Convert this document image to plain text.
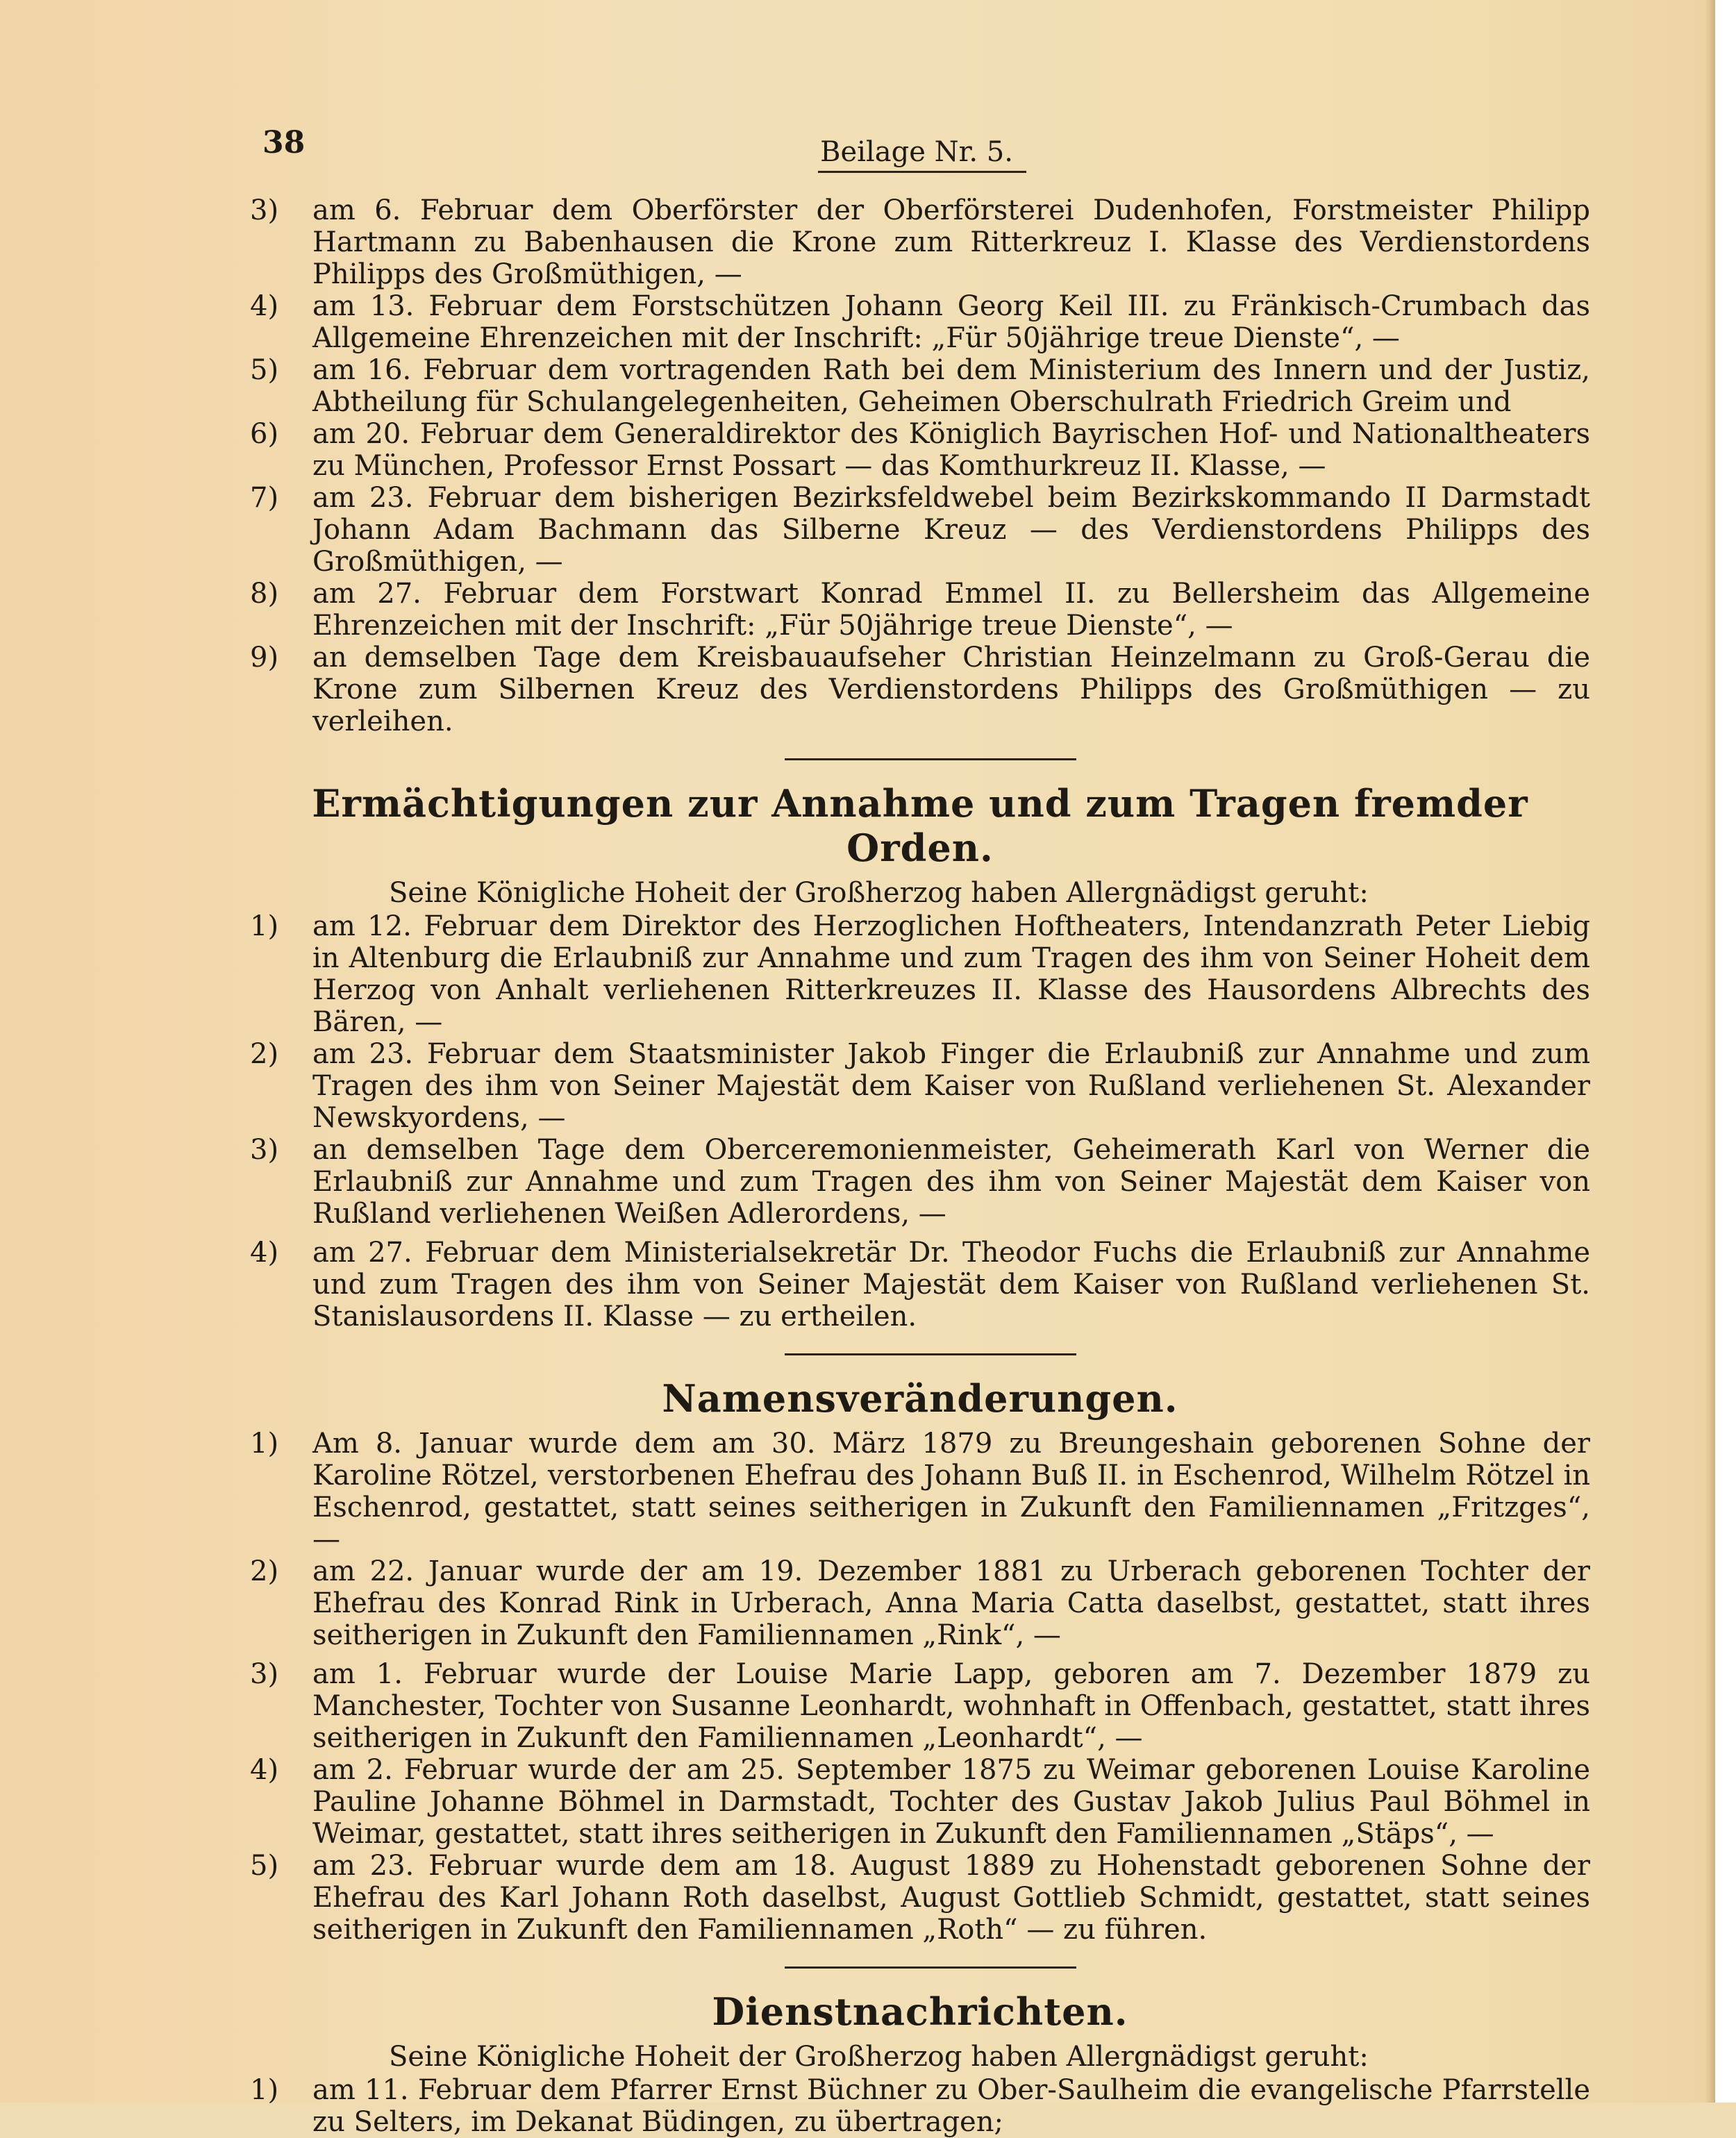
38	Beilage Nr. 5.
3) am 6. Februar dem Oberförster der Oberförsterei Dudenhofen, Forstmeister Philipp Hartmann zu Babenhausen die Krone zum Ritterkreuz I. Klasse des Verdienstordens Philipps des Großmüthigen, —

4) am 13. Februar dem Forstschützen Johann Georg Keil III. zu Fränkisch-Crumbach das Allgemeine Ehrenzeichen mit der Inschrift: „Für 50jährige treue Dienste“, —

5) am 16. Februar dem vortragenden Rath bei dem Ministerium des Innern und der Justiz, Abtheilung für Schulangelegenheiten, Geheimen Oberschulrath Friedrich Greim und

6) am 20. Februar dem Generaldirektor des Königlich Bayrischen Hof- und Nationaltheaters zu München, Professor Ernst Possart — das Komthurkreuz II. Klasse, —

7) am 23. Februar dem bisherigen Bezirksfeldwebel beim Bezirkskommando II Darmstadt Johann Adam Bachmann das Silberne Kreuz — des Verdienstordens Philipps des Großmüthigen, —

8) am 27. Februar dem Forstwart Konrad Emmel II. zu Bellersheim das Allgemeine Ehrenzeichen mit der Inschrift: „Für 50jährige treue Dienste“, —

9) an demselben Tage dem Kreisbauaufseher Christian Heinzelmann zu Groß-Gerau die Krone zum Silbernen Kreuz des Verdienstordens Philipps des Großmüthigen — zu verleihen.

Ermächtigungen zur Annahme und zum Tragen fremder Orden.

Seine Königliche Hoheit der Großherzog haben Allergnädigst geruht:

1) am 12. Februar dem Direktor des Herzoglichen Hoftheaters, Intendanzrath Peter Liebig in Altenburg die Erlaubniß zur Annahme und zum Tragen des ihm von Seiner Hoheit dem Herzog von Anhalt verliehenen Ritterkreuzes II. Klasse des Hausordens Albrechts des Bären, —

2) am 23. Februar dem Staatsminister Jakob Finger die Erlaubniß zur Annahme und zum Tragen des ihm von Seiner Majestät dem Kaiser von Rußland verliehenen St. Alexander Newskyordens, —

3) an demselben Tage dem Oberceremonienmeister, Geheimerath Karl von Werner die Erlaubniß zur Annahme und zum Tragen des ihm von Seiner Majestät dem Kaiser von Rußland verliehenen Weißen Adlerordens, —

4) am 27. Februar dem Ministerialsekretär Dr. Theodor Fuchs die Erlaubniß zur Annahme und zum Tragen des ihm von Seiner Majestät dem Kaiser von Rußland verliehenen St. Stanislausordens II. Klasse — zu ertheilen.

Namensveränderungen.
1) Am 8. Januar wurde dem am 30. März 1879 zu Breungeshain geborenen Sohne der Karoline Rötzel, verstorbenen Ehefrau des Johann Buß II. in Eschenrod, Wilhelm Rötzel in Eschenrod, gestattet, statt seines seitherigen in Zukunft den Familiennamen „Fritzges“, —

2) am 22. Januar wurde der am 19. Dezember 1881 zu Urberach geborenen Tochter der Ehefrau des Konrad Rink in Urberach, Anna Maria Catta daselbst, gestattet, statt ihres seitherigen in Zukunft den Familiennamen „Rink“, —

3) am 1. Februar wurde der Louise Marie Lapp, geboren am 7. Dezember 1879 zu Manchester, Tochter von Susanne Leonhardt, wohnhaft in Offenbach, gestattet, statt ihres seitherigen in Zukunft den Familiennamen „Leonhardt“, —

4) am 2. Februar wurde der am 25. September 1875 zu Weimar geborenen Louise Karoline Pauline Johanne Böhmel in Darmstadt, Tochter des Gustav Jakob Julius Paul Böhmel in Weimar, gestattet, statt ihres seitherigen in Zukunft den Familiennamen „Stäps“, —

5) am 23. Februar wurde dem am 18. August 1889 zu Hohenstadt geborenen Sohne der Ehefrau des Karl Johann Roth daselbst, August Gottlieb Schmidt, gestattet, statt seines seitherigen in Zukunft den Familiennamen „Roth“ — zu führen.

Dienstnachrichten.

Seine Königliche Hoheit der Großherzog haben Allergnädigst geruht:

1) am 11. Februar dem Pfarrer Ernst Büchner zu Ober-Saulheim die evangelische Pfarrstelle zu Selters, im Dekanat Büdingen, zu übertragen;
